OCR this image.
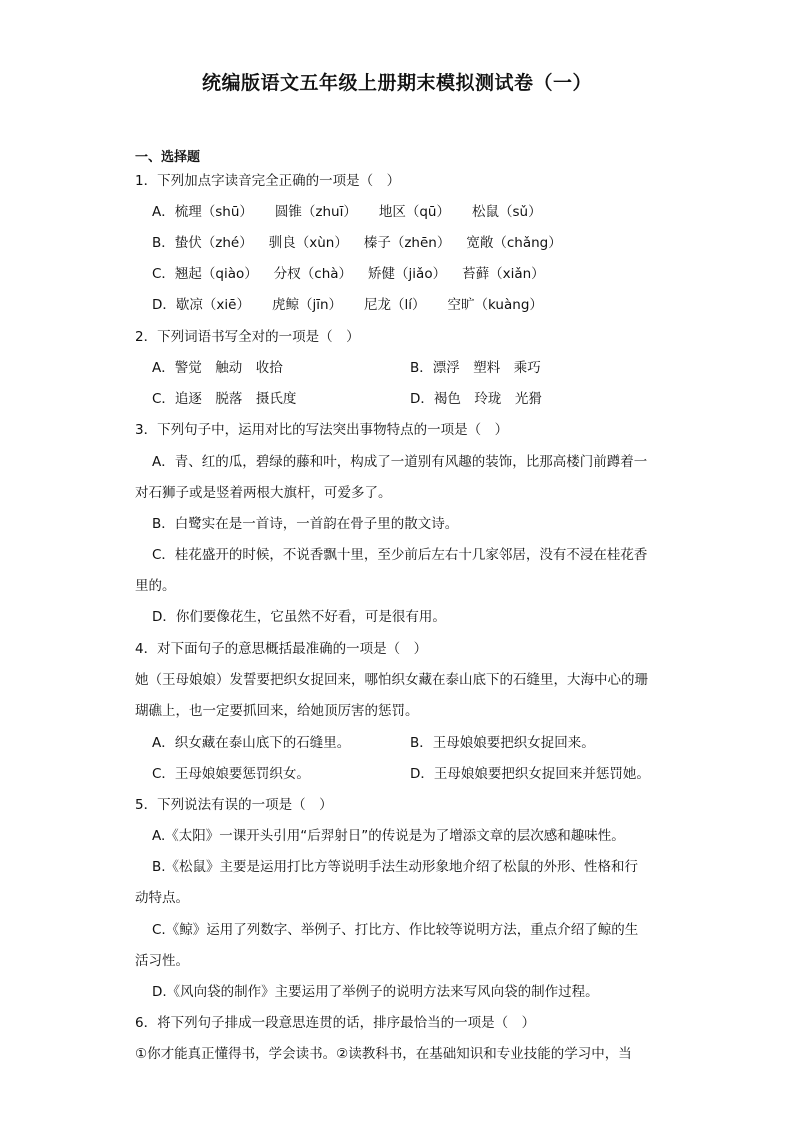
统编版语文五年级上册期末模拟测试卷（一）
一、选择题
1．下列加点字读音完全正确的一项是（　）
A．梳理（shū） 圆锥（zhuī） 地区（qū） 松鼠（sǔ）
B．蛰伏（zhé） 驯良（xùn） 榛子（zhēn） 宽敞（chǎng）
C．翘起（qiào） 分杈（chà） 矫健（jiǎo） 苔藓（xiǎn）
D．歇凉（xiē） 虎鲸（jīn） 尼龙（lí） 空旷（kuàng）
2．下列词语书写全对的一项是（　）
A．警觉　触动　收拾	B．漂浮　塑料　乘巧
C．追逐　脱落　摄氏度	D．褐色　玲珑　光猾
3．下列句子中，运用对比的写法突出事物特点的一项是（　）
A．青、红的瓜，碧绿的藤和叶，构成了一道别有风趣的装饰，比那高楼门前蹲着一
对石狮子或是竖着两根大旗杆，可爱多了。
B．白鹭实在是一首诗，一首韵在骨子里的散文诗。
C．桂花盛开的时候，不说香飘十里，至少前后左右十几家邻居，没有不浸在桂花香
里的。
D．你们要像花生，它虽然不好看，可是很有用。
4．对下面句子的意思概括最准确的一项是（　）
她（王母娘娘）发誓要把织女捉回来，哪怕织女藏在泰山底下的石缝里，大海中心的珊
瑚礁上，也一定要抓回来，给她顶厉害的惩罚。
A．织女藏在泰山底下的石缝里。	B．王母娘娘要把织女捉回来。
C．王母娘娘要惩罚织女。	D．王母娘娘要把织女捉回来并惩罚她。
5．下列说法有误的一项是（　）
A.《太阳》一课开头引用“后羿射日”的传说是为了增添文章的层次感和趣味性。
B.《松鼠》主要是运用打比方等说明手法生动形象地介绍了松鼠的外形、性格和行
动特点。
C.《鲸》运用了列数字、举例子、打比方、作比较等说明方法，重点介绍了鲸的生
活习性。
D.《风向袋的制作》主要运用了举例子的说明方法来写风向袋的制作过程。
6．将下列句子排成一段意思连贯的话，排序最恰当的一项是（　）
①你才能真正懂得书，学会读书。②读教科书，在基础知识和专业技能的学习中，当
